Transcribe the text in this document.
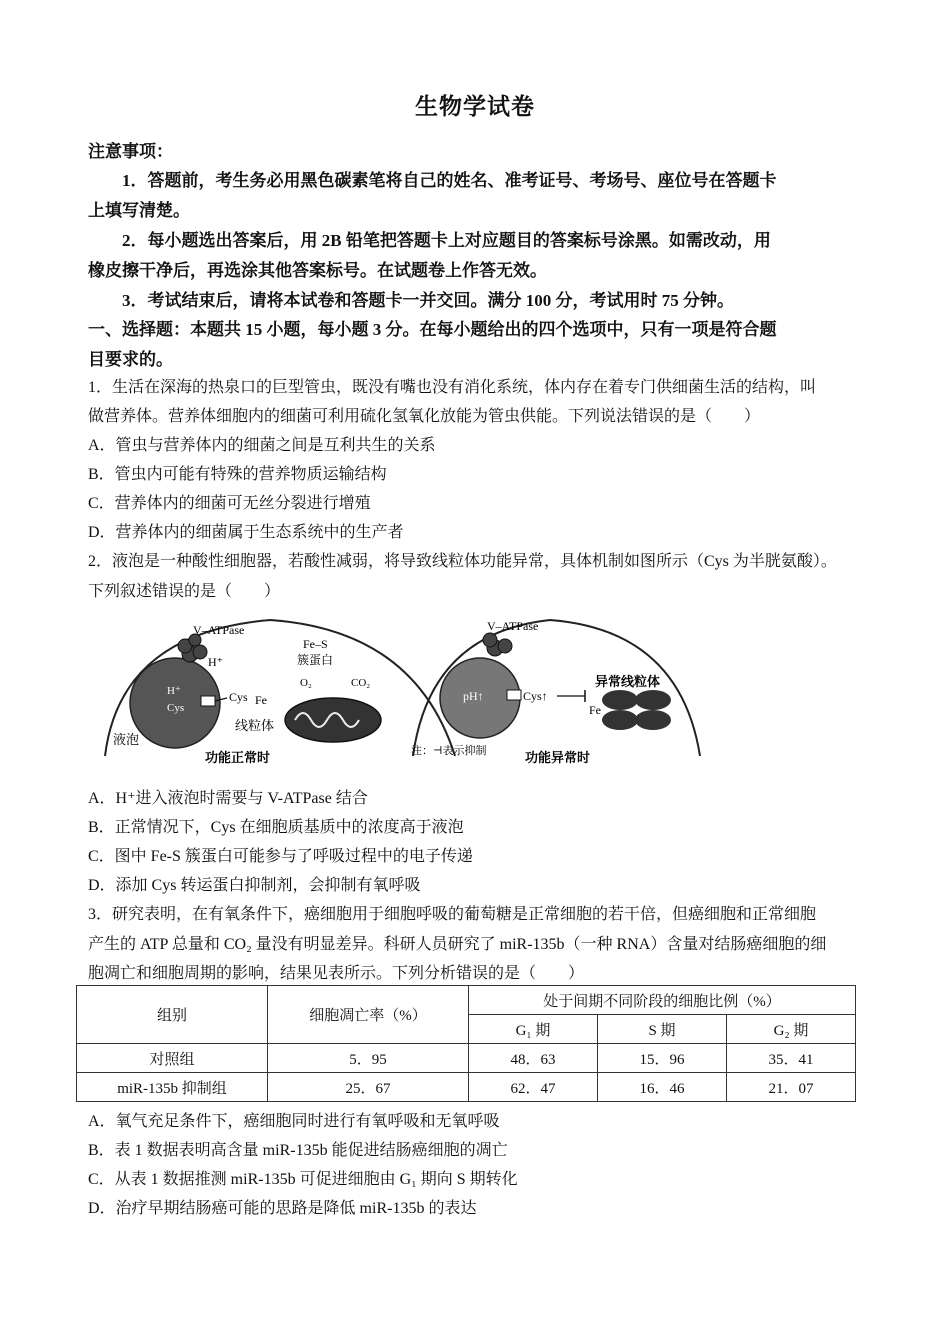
生物学试卷
注意事项：
1．答题前，考生务必用黑色碳素笔将自己的姓名、准考证号、考场号、座位号在答题卡
上填写清楚。
2．每小题选出答案后，用 2B 铅笔把答题卡上对应题目的答案标号涂黑。如需改动，用
橡皮擦干净后，再选涂其他答案标号。在试题卷上作答无效。
3．考试结束后，请将本试卷和答题卡一并交回。满分 100 分，考试用时 75 分钟。
一、选择题：本题共 15 小题，每小题 3 分。在每小题给出的四个选项中，只有一项是符合题
目要求的。
1．生活在深海的热泉口的巨型管虫，既没有嘴也没有消化系统，体内存在着专门供细菌生活的结构，叫
做营养体。营养体细胞内的细菌可利用硫化氢氧化放能为管虫供能。下列说法错误的是（　　）
A．管虫与营养体内的细菌之间是互利共生的关系
B．管虫内可能有特殊的营养物质运输结构
C．营养体内的细菌可无丝分裂进行增殖
D．营养体内的细菌属于生态系统中的生产者
2．液泡是一种酸性细胞器，若酸性减弱，将导致线粒体功能异常，具体机制如图所示（Cys 为半胱氨酸）。
下列叙述错误的是（　　）
V–ATPase
H⁺
H⁺
Cys
Cys
Fe–S
簇蛋白
Fe
O₂	CO₂
液泡
线粒体
功能正常时
V–ATPase
pH↑	Cys↑
Fe
异常线粒体
注：⊣表示抑制	功能异常时
A．H⁺进入液泡时需要与 V-ATPase 结合
B．正常情况下，Cys 在细胞质基质中的浓度高于液泡
C．图中 Fe-S 簇蛋白可能参与了呼吸过程中的电子传递
D．添加 Cys 转运蛋白抑制剂，会抑制有氧呼吸
3．研究表明，在有氧条件下，癌细胞用于细胞呼吸的葡萄糖是正常细胞的若干倍，但癌细胞和正常细胞
产生的 ATP 总量和 CO₂ 量没有明显差异。科研人员研究了 miR-135b（一种 RNA）含量对结肠癌细胞的细
胞凋亡和细胞周期的影响，结果见表所示。下列分析错误的是（　　）
组别	细胞凋亡率（%）	处于间期不同阶段的细胞比例（%）		
		G₁ 期	S 期	G₂ 期
对照组	5．95	48．63	15．96	35．41
miR-135b 抑制组	25．67	62．47	16．46	21．07
A．氧气充足条件下，癌细胞同时进行有氧呼吸和无氧呼吸
B．表 1 数据表明高含量 miR-135b 能促进结肠癌细胞的凋亡
C．从表 1 数据推测 miR-135b 可促进细胞由 G₁ 期向 S 期转化
D．治疗早期结肠癌可能的思路是降低 miR-135b 的表达
